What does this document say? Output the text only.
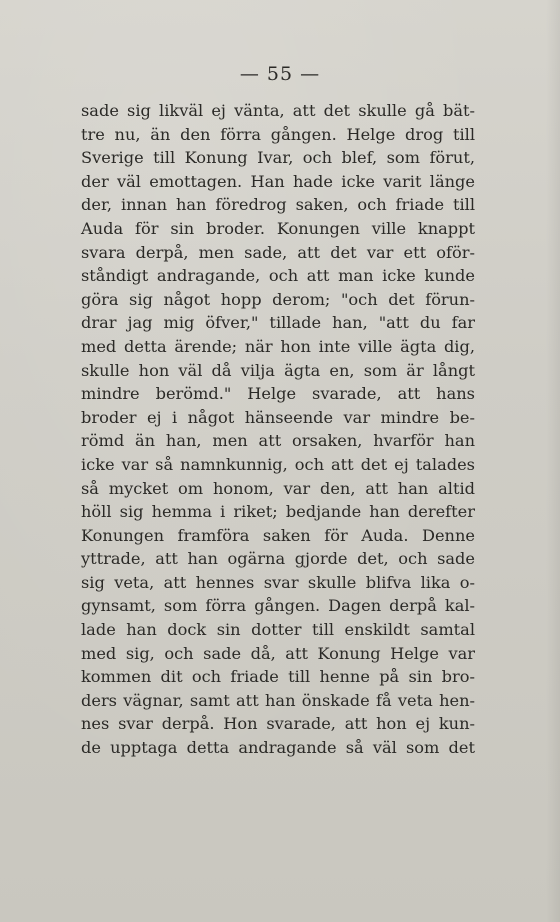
— 55 —
sade sig likväl ej vänta, att det skulle gå bät-
tre nu, än den förra gången. Helge drog till
Sverige till Konung Ivar, och blef, som förut,
der väl emottagen. Han hade icke varit länge
der, innan han föredrog saken, och friade till
Auda för sin broder. Konungen ville knappt
svara derpå, men sade, att det var ett oför-
ståndigt andragande, och att man icke kunde
göra sig något hopp derom; "och det förun-
drar jag mig öfver," tillade han, "att du far
med detta ärende; när hon inte ville ägta dig,
skulle hon väl då vilja ägta en, som är långt
mindre berömd." Helge svarade, att hans
broder ej i något hänseende var mindre be-
römd än han, men att orsaken, hvarför han
icke var så namnkunnig, och att det ej talades
så mycket om honom, var den, att han altid
höll sig hemma i riket; bedjande han derefter
Konungen framföra saken för Auda. Denne
yttrade, att han ogärna gjorde det, och sade
sig veta, att hennes svar skulle blifva lika o-
gynsamt, som förra gången. Dagen derpå kal-
lade han dock sin dotter till enskildt samtal
med sig, och sade då, att Konung Helge var
kommen dit och friade till henne på sin bro-
ders vägnar, samt att han önskade få veta hen-
nes svar derpå. Hon svarade, att hon ej kun-
de upptaga detta andragande så väl som det
